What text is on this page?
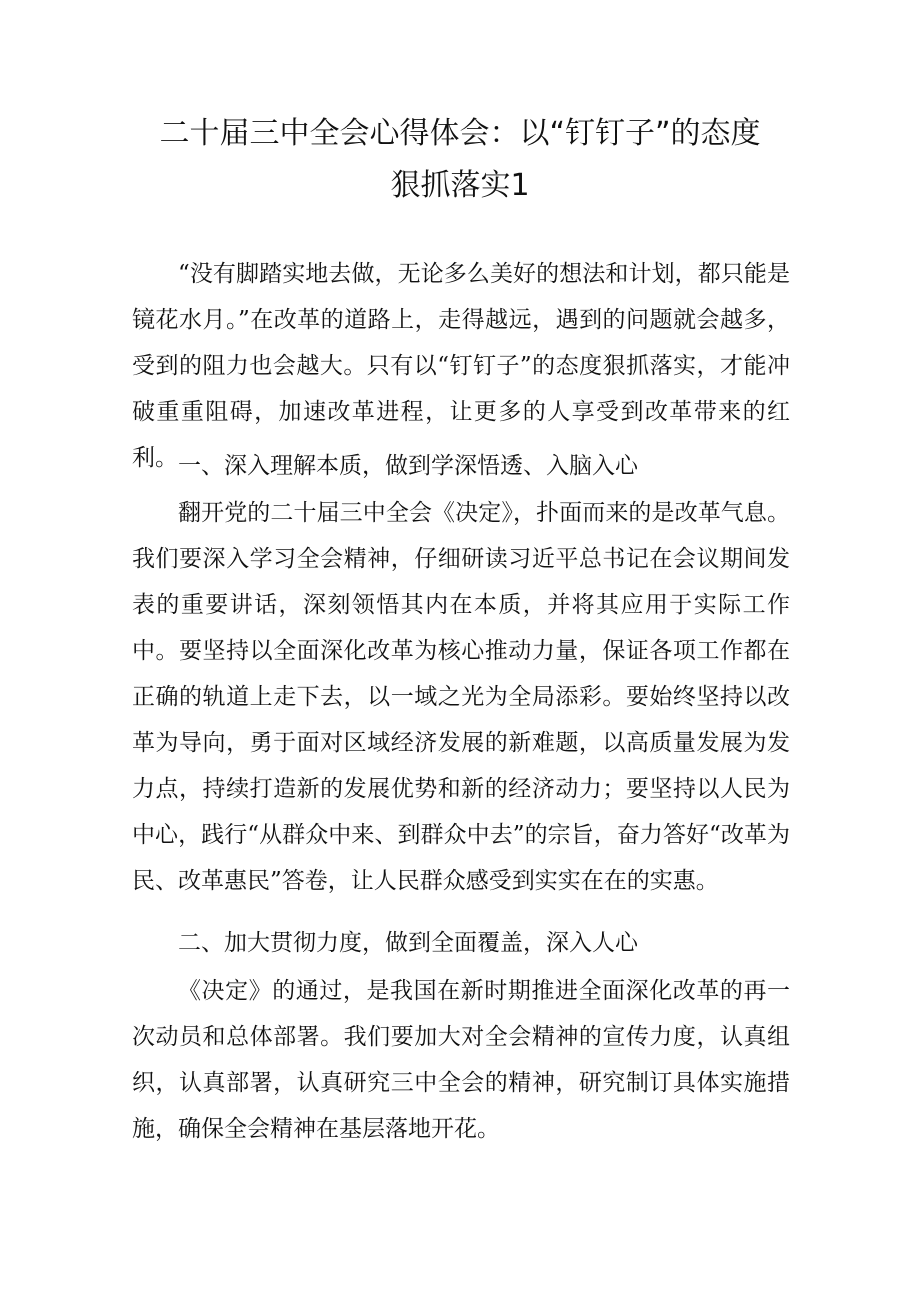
二十届三中全会心得体会：以“钉钉子”的态度
狠抓落实1

“没有脚踏实地去做，无论多么美好的想法和计划，都只能是镜花水月。”在改革的道路上，走得越远，遇到的问题就会越多，受到的阻力也会越大。只有以“钉钉子”的态度狠抓落实，才能冲破重重阻碍，加速改革进程，让更多的人享受到改革带来的红利。 一、深入理解本质，做到学深悟透、入脑入心

翻开党的二十届三中全会《决定》，扑面而来的是改革气息。我们要深入学习全会精神，仔细研读习近平总书记在会议期间发表的重要讲话，深刻领悟其内在本质，并将其应用于实际工作中。要坚持以全面深化改革为核心推动力量，保证各项工作都在正确的轨道上走下去，以一域之光为全局添彩。要始终坚持以改革为导向，勇于面对区域经济发展的新难题，以高质量发展为发力点，持续打造新的发展优势和新的经济动力；要坚持以人民为中心，践行“从群众中来、到群众中去”的宗旨，奋力答好“改革为民、改革惠民”答卷，让人民群众感受到实实在在的实惠。

二、加大贯彻力度，做到全面覆盖，深入人心

《决定》的通过，是我国在新时期推进全面深化改革的再一次动员和总体部署。我们要加大对全会精神的宣传力度，认真组织，认真部署，认真研究三中全会的精神，研究制订具体实施措施，确保全会精神在基层落地开花。
